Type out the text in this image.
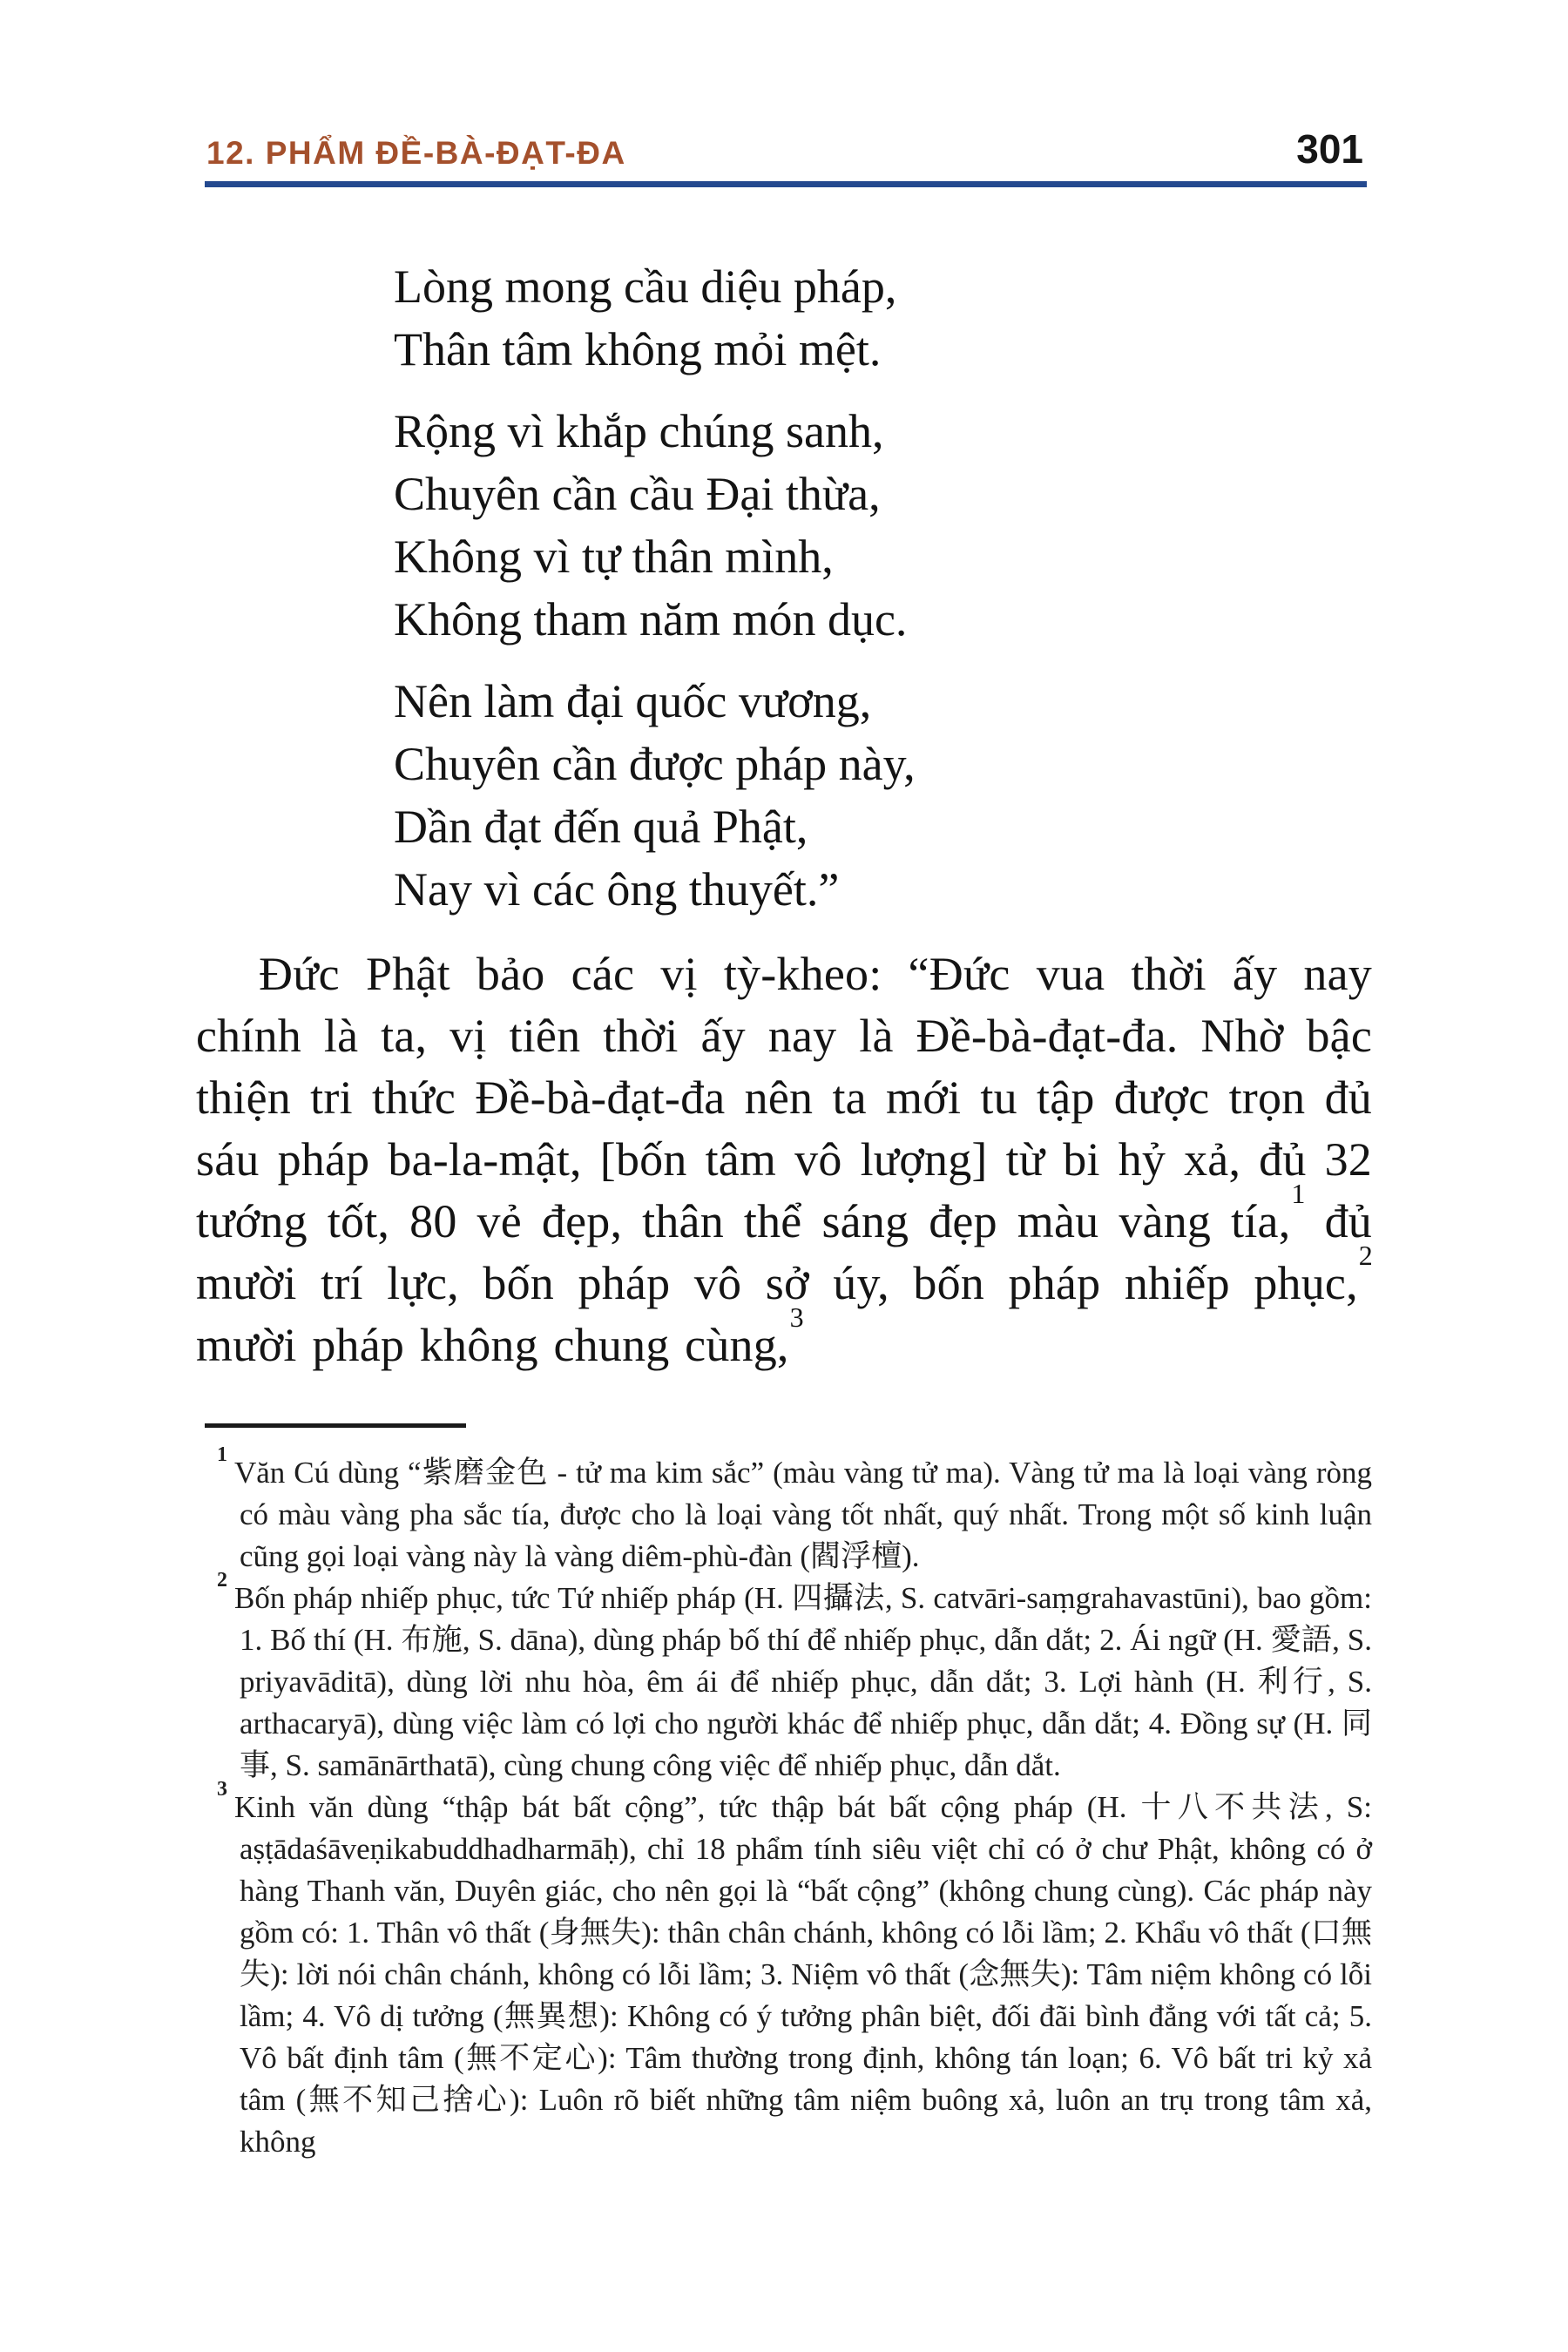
12. PHẨM ĐỀ-BÀ-ĐẠT-ĐA	301
Lòng mong cầu diệu pháp,
Thân tâm không mỏi mệt.
Rộng vì khắp chúng sanh,
Chuyên cần cầu Đại thừa,
Không vì tự thân mình,
Không tham năm món dục.
Nên làm đại quốc vương,
Chuyên cần được pháp này,
Dần đạt đến quả Phật,
Nay vì các ông thuyết.”

Đức Phật bảo các vị tỳ-kheo: “Đức vua thời ấy nay chính là ta, vị tiên thời ấy nay là Đề-bà-đạt-đa. Nhờ bậc thiện tri thức Đề-bà-đạt-đa nên ta mới tu tập được trọn đủ sáu pháp ba-la-mật, [bốn tâm vô lượng] từ bi hỷ xả, đủ 32 tướng tốt, 80 vẻ đẹp, thân thể sáng đẹp màu vàng tía,$^1$ đủ mười trí lực, bốn pháp vô sở úy, bốn pháp nhiếp phục,$^2$ mười pháp không chung cùng,$^3$

$^1$Văn Cú dùng “紫磨金色 - tử ma kim sắc” (màu vàng tử ma). Vàng tử ma là loại vàng ròng có màu vàng pha sắc tía, được cho là loại vàng tốt nhất, quý nhất. Trong một số kinh luận cũng gọi loại vàng này là vàng diêm-phù-đàn (閻浮檀).

$^2$Bốn pháp nhiếp phục, tức Tứ nhiếp pháp (H. 四攝法, S. catvāri-saṃgrahavastūni), bao gồm: 1. Bố thí (H. 布施, S. dāna), dùng pháp bố thí để nhiếp phục, dẫn dắt; 2. Ái ngữ (H. 愛語, S. priyavāditā), dùng lời nhu hòa, êm ái để nhiếp phục, dẫn dắt; 3. Lợi hành (H. 利行, S. arthacaryā), dùng việc làm có lợi cho người khác để nhiếp phục, dẫn dắt; 4. Đồng sự (H. 同事, S. samānārthatā), cùng chung công việc để nhiếp phục, dẫn dắt.

$^3$Kinh văn dùng “thập bát bất cộng”, tức thập bát bất cộng pháp (H. 十八不共法, S: aṣṭādaśāveṇikabuddhadharmāḥ), chỉ 18 phẩm tính siêu việt chỉ có ở chư Phật, không có ở hàng Thanh văn, Duyên giác, cho nên gọi là “bất cộng” (không chung cùng). Các pháp này gồm có: 1. Thân vô thất (身無失): thân chân chánh, không có lỗi lầm; 2. Khẩu vô thất (口無失): lời nói chân chánh, không có lỗi lầm; 3. Niệm vô thất (念無失): Tâm niệm không có lỗi lầm; 4. Vô dị tưởng (無異想): Không có ý tưởng phân biệt, đối đãi bình đẳng với tất cả; 5. Vô bất định tâm (無不定心): Tâm thường trong định, không tán loạn; 6. Vô bất tri kỷ xả tâm (無不知己捨心): Luôn rõ biết những tâm niệm buông xả, luôn an trụ trong tâm xả, không
